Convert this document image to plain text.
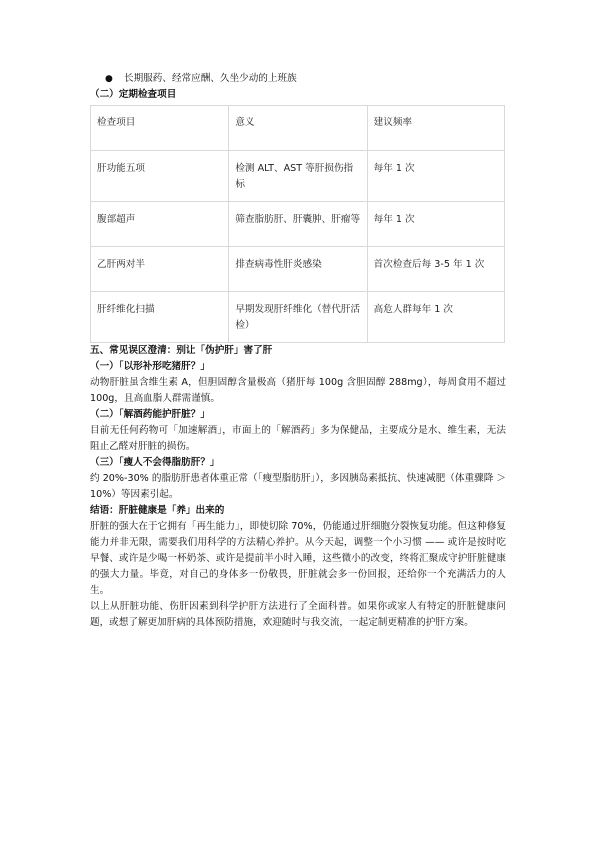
● 长期服药、经常应酬、久坐少动的上班族

（二）定期检查项目

检查项目	意义	建议频率
肝功能五项	检测 ALT、AST 等肝损伤指标	每年 1 次
腹部超声	筛查脂肪肝、肝囊肿、肝瘤等	每年 1 次
乙肝两对半	排查病毒性肝炎感染	首次检查后每 3-5 年 1 次
肝纤维化扫描	早期发现肝纤维化（替代肝活检）	高危人群每年 1 次

五、常见误区澄清：别让「伪护肝」害了肝

（一）「以形补形吃猪肝？」

动物肝脏虽含维生素 A，但胆固醇含量极高（猪肝每 100g 含胆固醇 288mg），每周食用不超过 100g，且高血脂人群需谨慎。

（二）「解酒药能护肝脏？」

目前无任何药物可「加速解酒」，市面上的「解酒药」多为保健品，主要成分是水、维生素，无法阻止乙醛对肝脏的损伤。

（三）「瘦人不会得脂肪肝？」

约 20%-30% 的脂肪肝患者体重正常（「瘦型脂肪肝」），多因胰岛素抵抗、快速减肥（体重骤降 ＞10%）等因素引起。

结语：肝脏健康是「养」出来的

肝脏的强大在于它拥有「再生能力」，即使切除 70%，仍能通过肝细胞分裂恢复功能。但这种修复能力并非无限，需要我们用科学的方法精心养护。从今天起，调整一个小习惯 —— 或许是按时吃早餐、或许是少喝一杯奶茶、或许是提前半小时入睡，这些微小的改变，终将汇聚成守护肝脏健康的强大力量。毕竟，对自己的身体多一份敬畏，肝脏就会多一份回报，还给你一个充满活力的人生。

以上从肝脏功能、伤肝因素到科学护肝方法进行了全面科普。如果你或家人有特定的肝脏健康问题，或想了解更加肝病的具体预防措施，欢迎随时与我交流，一起定制更精准的护肝方案。
